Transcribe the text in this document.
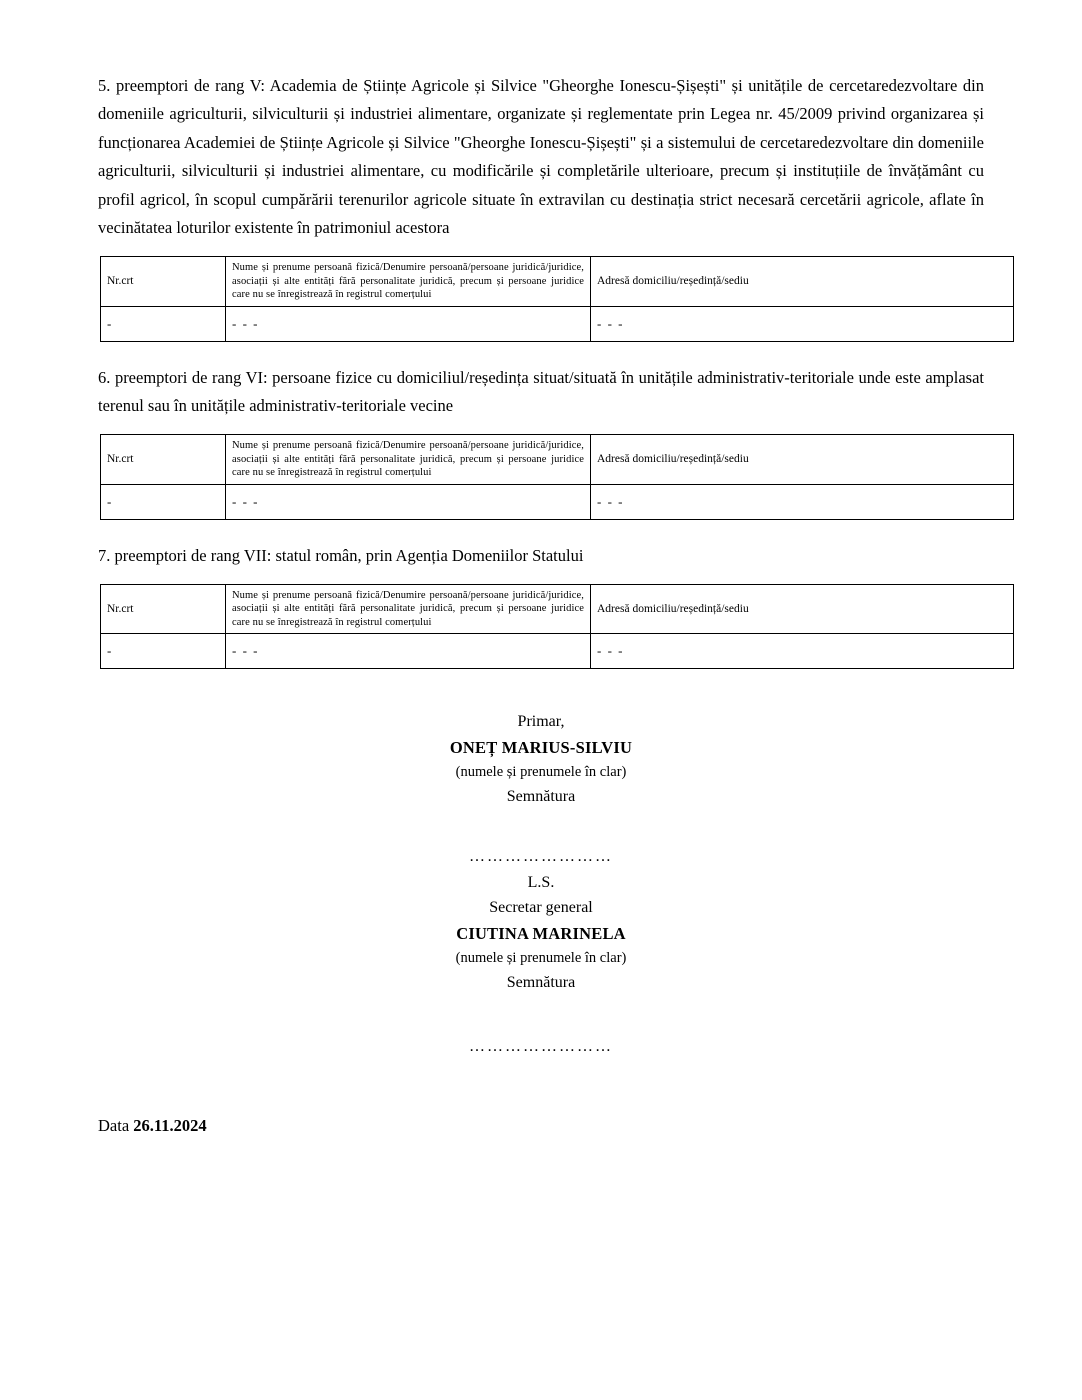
5. preemptori de rang V: Academia de Științe Agricole și Silvice "Gheorghe Ionescu-Șișești" și unitățile de cercetaredezvoltare din domeniile agriculturii, silviculturii și industriei alimentare, organizate și reglementate prin Legea nr. 45/2009 privind organizarea și funcționarea Academiei de Științe Agricole și Silvice "Gheorghe Ionescu-Șișești" și a sistemului de cercetaredezvoltare din domeniile agriculturii, silviculturii și industriei alimentare, cu modificările și completările ulterioare, precum și instituțiile de învățământ cu profil agricol, în scopul cumpărării terenurilor agricole situate în extravilan cu destinația strict necesară cercetării agricole, aflate în vecinătatea loturilor existente în patrimoniul acestora

Nr.crt	Nume și prenume persoană fizică/Denumire persoană/persoane juridică/juridice, asociații și alte entități fără personalitate juridică, precum și persoane juridice care nu se înregistrează în registrul comerțului	Adresă domiciliu/reședință/sediu
-	- - -	- - -

6. preemptori de rang VI: persoane fizice cu domiciliul/reședința situat/situată în unitățile administrativ-teritoriale unde este amplasat terenul sau în unitățile administrativ-teritoriale vecine

Nr.crt	Nume și prenume persoană fizică/Denumire persoană/persoane juridică/juridice, asociații și alte entități fără personalitate juridică, precum și persoane juridice care nu se înregistrează în registrul comerțului	Adresă domiciliu/reședință/sediu
-	- - -	- - -

7. preemptori de rang VII: statul român, prin Agenția Domeniilor Statului

Nr.crt	Nume și prenume persoană fizică/Denumire persoană/persoane juridică/juridice, asociații și alte entități fără personalitate juridică, precum și persoane juridice care nu se înregistrează în registrul comerțului	Adresă domiciliu/reședință/sediu
-	- - -	- - -
Primar,
ONEȚ MARIUS-SILVIU
(numele și prenumele în clar)
Semnătura
……………………
L.S.
Secretar general
CIUTINA MARINELA
(numele și prenumele în clar)
Semnătura
……………………
Data 26.11.2024
